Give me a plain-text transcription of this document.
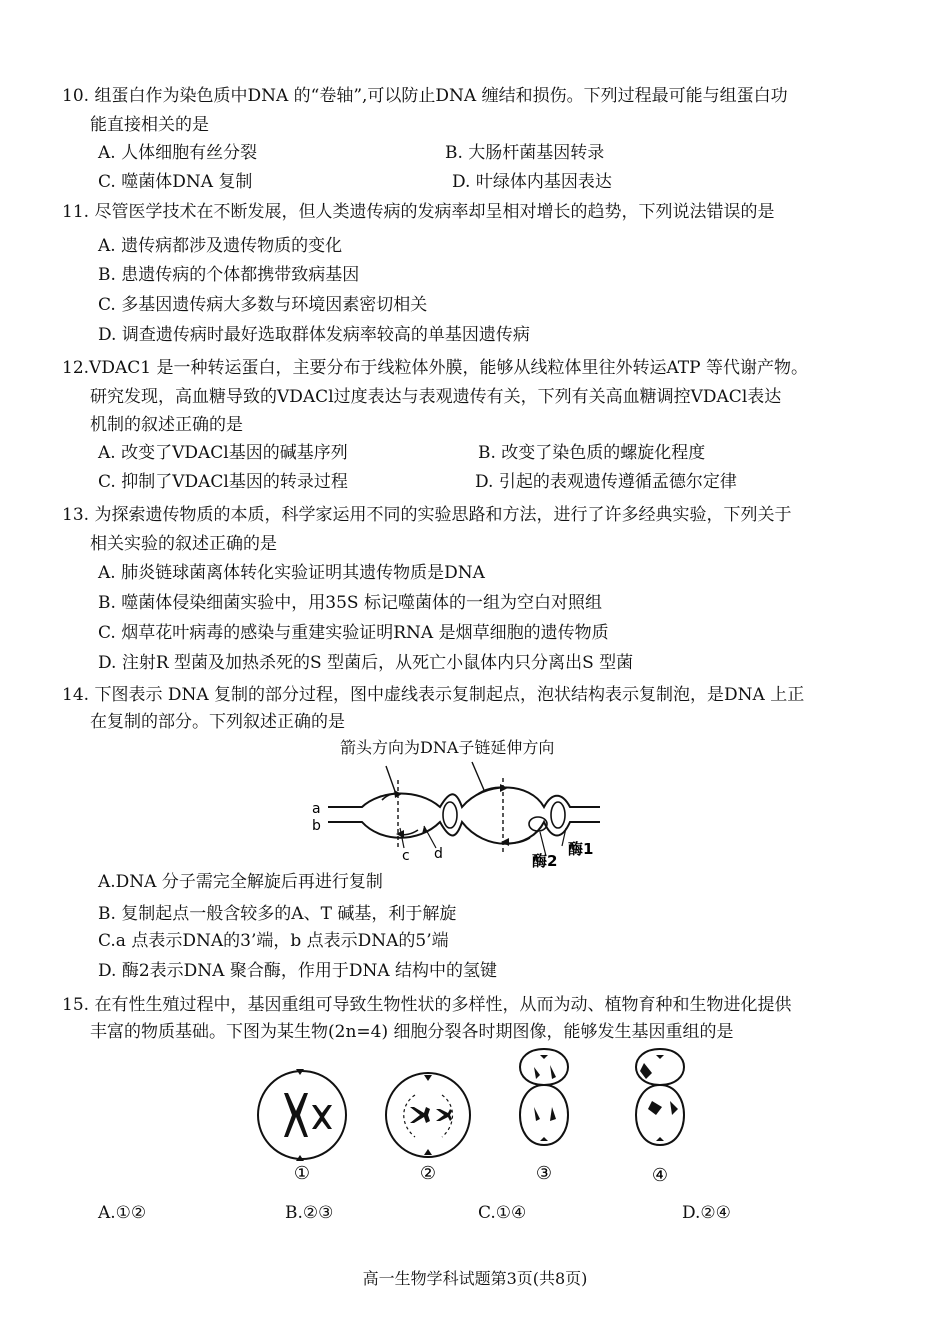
10. 组蛋白作为染色质中DNA 的“卷轴”,可以防止DNA 缠结和损伤。下列过程最可能与组蛋白功
能直接相关的是
A. 人体细胞有丝分裂	B. 大肠杆菌基因转录
C. 噬菌体DNA 复制	D. 叶绿体内基因表达
11. 尽管医学技术在不断发展，但人类遗传病的发病率却呈相对增长的趋势，下列说法错误的是
A. 遗传病都涉及遗传物质的变化
B. 患遗传病的个体都携带致病基因
C. 多基因遗传病大多数与环境因素密切相关
D. 调查遗传病时最好选取群体发病率较高的单基因遗传病
12.VDAC1 是一种转运蛋白，主要分布于线粒体外膜，能够从线粒体里往外转运ATP 等代谢产物。
研究发现，高血糖导致的VDACl过度表达与表观遗传有关，下列有关高血糖调控VDACl表达
机制的叙述正确的是
A. 改变了VDACl基因的碱基序列	B. 改变了染色质的螺旋化程度
C. 抑制了VDACl基因的转录过程	D. 引起的表观遗传遵循孟德尔定律
13. 为探索遗传物质的本质，科学家运用不同的实验思路和方法，进行了许多经典实验，下列关于
相关实验的叙述正确的是
A. 肺炎链球菌离体转化实验证明其遗传物质是DNA
B. 噬菌体侵染细菌实验中，用35S 标记噬菌体的一组为空白对照组
C. 烟草花叶病毒的感染与重建实验证明RNA 是烟草细胞的遗传物质
D. 注射R 型菌及加热杀死的S 型菌后，从死亡小鼠体内只分离出S 型菌
14. 下图表示 DNA 复制的部分过程，图中虚线表示复制起点，泡状结构表示复制泡，是DNA 上正
在复制的部分。下列叙述正确的是
箭头方向为DNA子链延伸方向
a
b
c d	酶1
酶2
A.DNA 分子需完全解旋后再进行复制
B. 复制起点一般含较多的A、T 碱基，利于解旋
C.a 点表示DNA的3’端，b 点表示DNA的5’端
D. 酶2表示DNA 聚合酶，作用于DNA 结构中的氢键
15. 在有性生殖过程中，基因重组可导致生物性状的多样性，从而为动、植物育种和生物进化提供
丰富的物质基础。下图为某生物(2n=4) 细胞分裂各时期图像，能够发生基因重组的是
①	②	③	④
A.①②	B.②③	C.①④	D.②④
高一生物学科试题第3页(共8页)
